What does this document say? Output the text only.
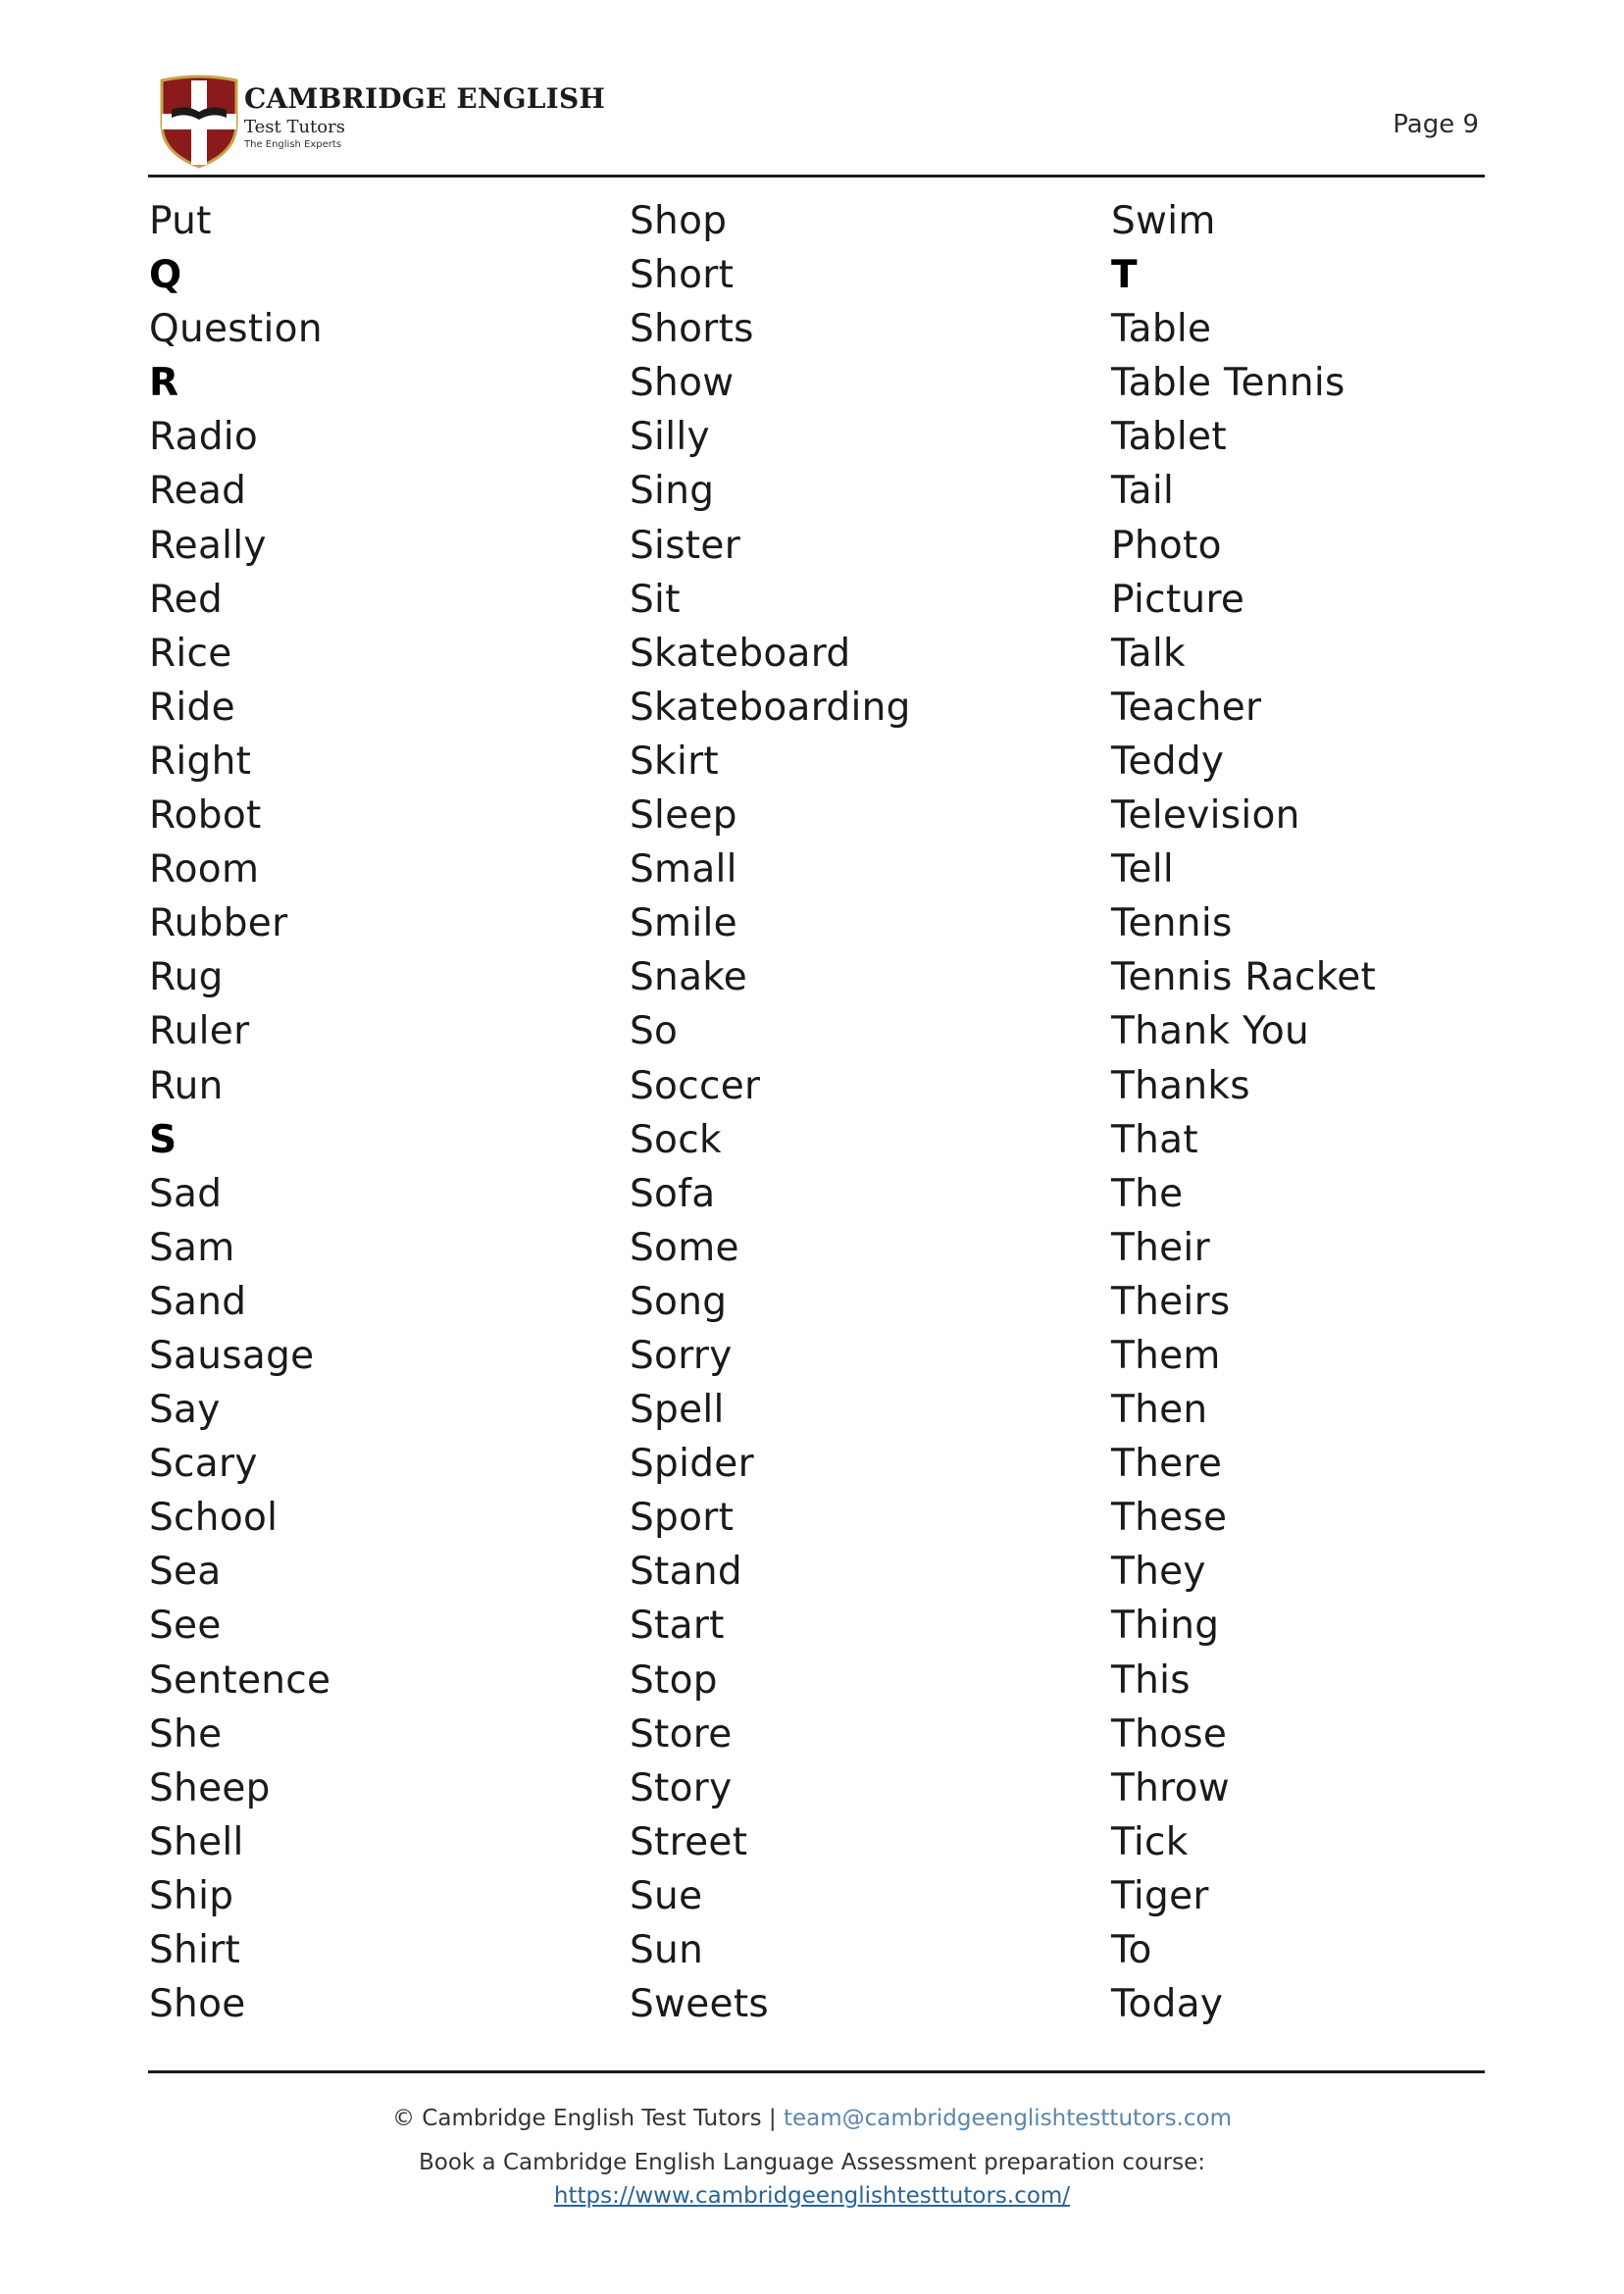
CAMBRIDGE ENGLISH
Test Tutors
The English Experts
Page 9
Put
Q
Question
R
Radio
Read
Really
Red
Rice
Ride
Right
Robot
Room
Rubber
Rug
Ruler
Run
S
Sad
Sam
Sand
Sausage
Say
Scary
School
Sea
See
Sentence
She
Sheep
Shell
Ship
Shirt
Shoe
Shop
Short
Shorts
Show
Silly
Sing
Sister
Sit
Skateboard
Skateboarding
Skirt
Sleep
Small
Smile
Snake
So
Soccer
Sock
Sofa
Some
Song
Sorry
Spell
Spider
Sport
Stand
Start
Stop
Store
Story
Street
Sue
Sun
Sweets
Swim
T
Table
Table Tennis
Tablet
Tail
Photo
Picture
Talk
Teacher
Teddy
Television
Tell
Tennis
Tennis Racket
Thank You
Thanks
That
The
Their
Theirs
Them
Then
There
These
They
Thing
This
Those
Throw
Tick
Tiger
To
Today
© Cambridge English Test Tutors | team@cambridgeenglishtesttutors.com
Book a Cambridge English Language Assessment preparation course:
https://www.cambridgeenglishtesttutors.com/
